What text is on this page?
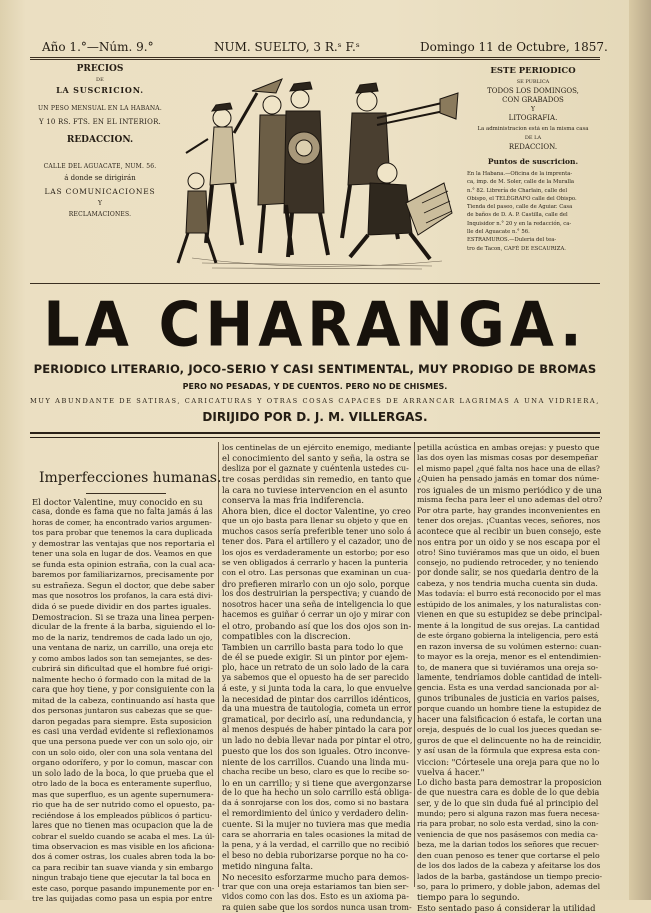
Año 1.°—Núm. 9.°	NUM. SUELTO, 3 R.ˢ F.ˢ	Domingo 11 de Octubre, 1857.
PRECIOS
DE
LA SUSCRICION.
UN PESO MENSUAL EN LA HABANA.
Y 10 RS. FTS. EN EL INTERIOR.
REDACCION.
CALLE DEL AGUACATE, NUM. 56.
á donde se dirigirán
LAS COMUNICACIONES
Y
RECLAMACIONES.
ESTE PERIODICO
SE PUBLICA
TODOS LOS DOMINGOS,
CON GRABADOS
Y
LITOGRAFIA.
La administracion está en la misma casa
DE LA
REDACCION.
Puntos de suscricion.
En la Habana.—Oficina de la imprenta-
ca, imp. de M. Soler, calle de la Muralla
n.° 82. Librería de Charlain, calle del
Obispo, el TELÉGRAFO calle del Obispo.
Tienda del paseo, calle de Aguiar. Casa
de baños de D. A. P. Castilla, calle del
Inquisidor n.° 20 y en la redacción, ca-
lle del Aguacate n.° 56.
ESTRAMUROS.—Duleria del tea-
tro de Tacon, CAFÉ DE ESCAURIZA.
LA CHARANGA.
PERIODICO LITERARIO, JOCO-SERIO Y CASI SENTIMENTAL, MUY PRODIGO DE BROMAS
PERO NO PESADAS, Y DE CUENTOS. PERO NO DE CHISMES.
MUY ABUNDANTE DE SATIRAS, CARICATURAS Y OTRAS COSAS CAPACES DE ARRANCAR LAGRIMAS A UNA VIDRIERA,
DIRIJIDO POR D. J. M. VILLERGAS.
Imperfecciones humanas.

El doctor Valentine, muy conocido en su

casa, donde es fama que no falta jamás á las

horas de comer, ha encontrado varios argumen-

tos para probar que tenemos la cara duplicada

y demostrar las ventajas que nos reportaria el

tener una sola en lugar de dos. Veamos en que

se funda esta opinion estraña, con la cual aca-

baremos por familiarizarnos, precisamente por

su estrañeza. Segun el doctor, que debe saber

mas que nosotros los profanos, la cara está divi-

dida ó se puede dividir en dos partes iguales.

Demostracion. Si se traza una linea perpen-

dicular de la frente á la barba, siguiendo el lo-

mo de la nariz, tendremos de cada lado un ojo,

una ventana de nariz, un carrillo, una oreja etc

y como ambos lados son tan semejantes, se des-

cubrirá sin dificultad que el hombre fué origi-

nalmente hecho ó formado con la mitad de la

cara que hoy tiene, y por consiguiente con la

mitad de la cabeza, continuando así hasta que

dos personas juntaron sus cabezas que se que-

daron pegadas para siempre. Esta suposicion

es casi una verdad evidente si reflexionamos

que una persona puede ver con un solo ojo, oir

con un solo oido, oler con una sola ventana del

organo odorífero, y por lo comun, mascar con

un solo lado de la boca, lo que prueba que el

otro lado de la boca es enteramente superfluo,

mas que superfluo, es un agente supernumera-

rio que ha de ser nutrido como el opuesto, pa-

reciéndose á los empleados públicos ó particu-

lares que no tienen mas ocupacion que la de

cobrar el sueldo cuando se acaba el mes. La úl-

tima observacion es mas visible en los aficiona-

dos á comer ostras, los cuales abren toda la bo-

ca para recibir tan suave vianda y sin embargo

ningun trabajo tiene que ejecutar la tal boca en

este caso, porque pasando impunemente por en-

tre las quijadas como pasa un espia por entre

los centinelas de un ejército enemigo, mediante

el conocimiento del santo y seña, la ostra se

desliza por el gaznate y cuéntenla ustedes cu-

tre cosas perdidas sin remedio, en tanto que

la cara no tuviese intervencion en el asunto

conserva la mas fria indiferencia.

Ahora bien, dice el doctor Valentine, yo creo

que un ojo basta para llenar su objeto y que en

muchos casos sería preferible tener uno solo á

tener dos. Para el artillero y el cazador, uno de

los ojos es verdaderamente un estorbo; por eso

se ven obligados á cerrarlo y hacen la punteria

con el otro. Las personas que examinan un cua-

dro prefieren mirarlo con un ojo solo, porque

los dos destruirian la perspectiva; y cuando de

nosotros hacer una seña de inteligencia lo que

hacemos es guiñar ó cerrar un ojo y mirar con

el otro, probando así que los dos ojos son in-

compatibles con la discrecion.

Tambien un carrillo basta para todo lo que

de él se puede exigir. Si un pintor por ejem-

plo, hace un retrato de un solo lado de la cara

ya sabemos que el opuesto ha de ser parecido

á este, y si junta toda la cara, lo que envuelve

la necesidad de pintar dos carrillos idénticos,

da una muestra de tautologia, cometa un error

gramatical, por decirlo así, una redundancia, y

al menos después de haber pintado la cara por

un lado no debia llevar nada por pintar el otro,

puesto que los dos son iguales. Otro inconve-

niente de los carrillos. Cuando una linda mu-

chacha recibe un beso, claro es que lo recibe so-

lo en un carrillo; y si tiene que avergonzarse

de lo que ha hecho un solo carrillo está obliga-

da á sonrojarse con los dos, como si no bastara

el remordimiento del único y verdadero delin-

cuente. Si la mujer no tuviera mas que media

cara se ahorraria en tales ocasiones la mitad de

la pena, y á la verdad, el carrillo que no recibió

el beso no debia ruborizarse porque no ha co-

metido ninguna falta.

No necesito esforzarme mucho para demos-

trar que con una oreja estariamos tan bien ser-

vidos como con las dos. Esto es un axioma pa-

ra quien sabe que los sordos nunca usan trom-

petilla acústica en ambas orejas: y puesto que

las dos oyen las mismas cosas por desempeñar

el mismo papel ¿qué falta nos hace una de ellas?

¿Quien ha pensado jamás en tomar dos núme-

ros iguales de un mismo periódico y de una

misma fecha para leer el uno ademas del otro?

Por otra parte, hay grandes inconvenientes en

tener dos orejas. ¡Cuantas veces, señores, nos

acontece que al recibir un buen consejo, este

nos entra por un oido y se nos escapa por el

otro! Sino tuviéramos mas que un oido, el buen

consejo, no pudiendo retroceder, y no teniendo

por donde salir, se nos quedaria dentro de la

cabeza, y nos tendria mucha cuenta sin duda.

Mas todavía: el burro está reconocido por el mas

estúpido de los animales, y los naturalistas con-

vienen en que su estupidez se debe principal-

mente á la longitud de sus orejas. La cantidad

de este órgano gobierna la inteligencia, pero está

en razon inversa de su volúmen esterno: cuan-

to mayor es la oreja, menor es el entendimien-

to, de manera que si tuviéramos una oreja so-

lamente, tendríamos doble cantidad de inteli-

gencia. Esta es una verdad sancionada por al-

gunos tribunales de justicia en varios paises,

porque cuando un hombre tiene la estupidez de

hacer una falsificacion ó estafa, le cortan una

oreja, después de lo cual los jueces quedan se-

guros de que el delincuente no ha de reincidir,

y así usan de la fórmula que expresa esta con-

viccion: "Córtesele una oreja para que no lo

vuelva á hacer."

Lo dicho basta para demostrar la proposicion

de que nuestra cara es doble de lo que debia

ser, y de lo que sin duda fué al principio del

mundo; pero si alguna razon mas fuera necesa-

ria para probar, no solo esta verdad, sino la con-

veniencia de que nos pasásemos con media ca-

beza, me la darian todos los señores que recuer-

den cuan penoso es tener que cortarse el pelo

de los dos lados de la cabeza y afeitarse los dos

lados de la barba, gastándose un tiempo precio-

so, para lo primero, y doble jabon, ademas del

tiempo para lo segundo.

Esto sentado paso á considerar la utilidad
